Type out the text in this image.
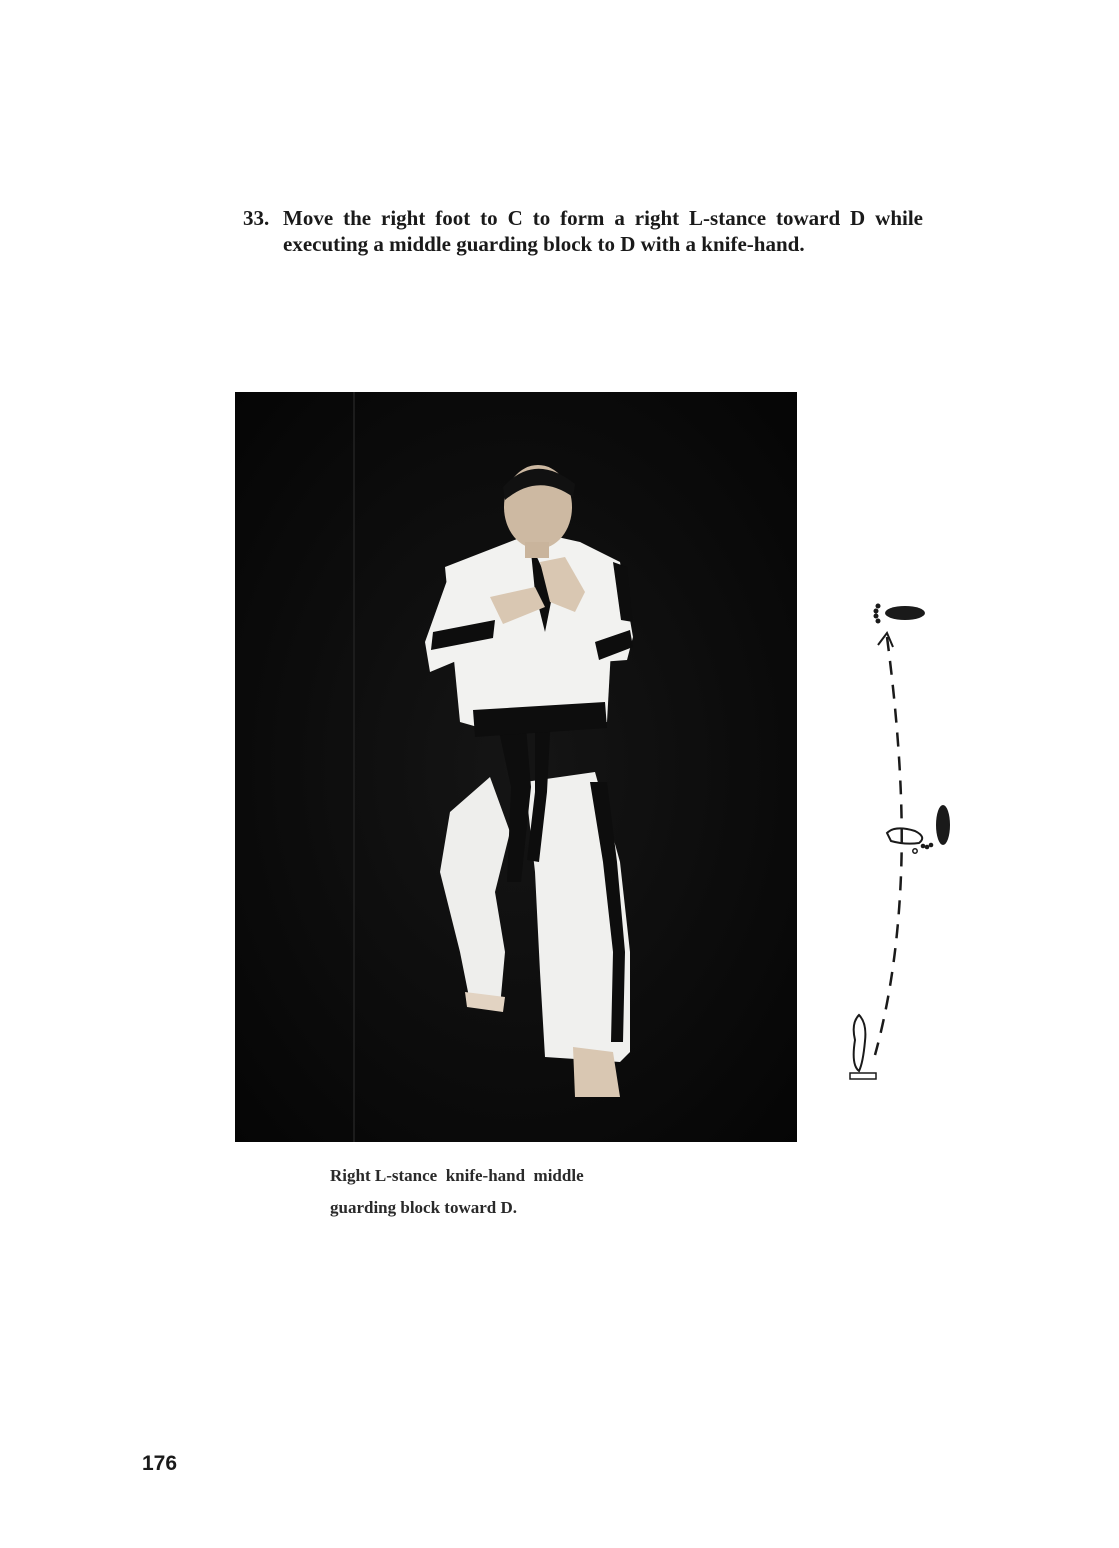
33. Move the right foot to C to form a right L-stance toward D while executing a middle guarding block to D with a knife-hand.

Right L-stance  knife-hand  middle
guarding block toward D.

176
